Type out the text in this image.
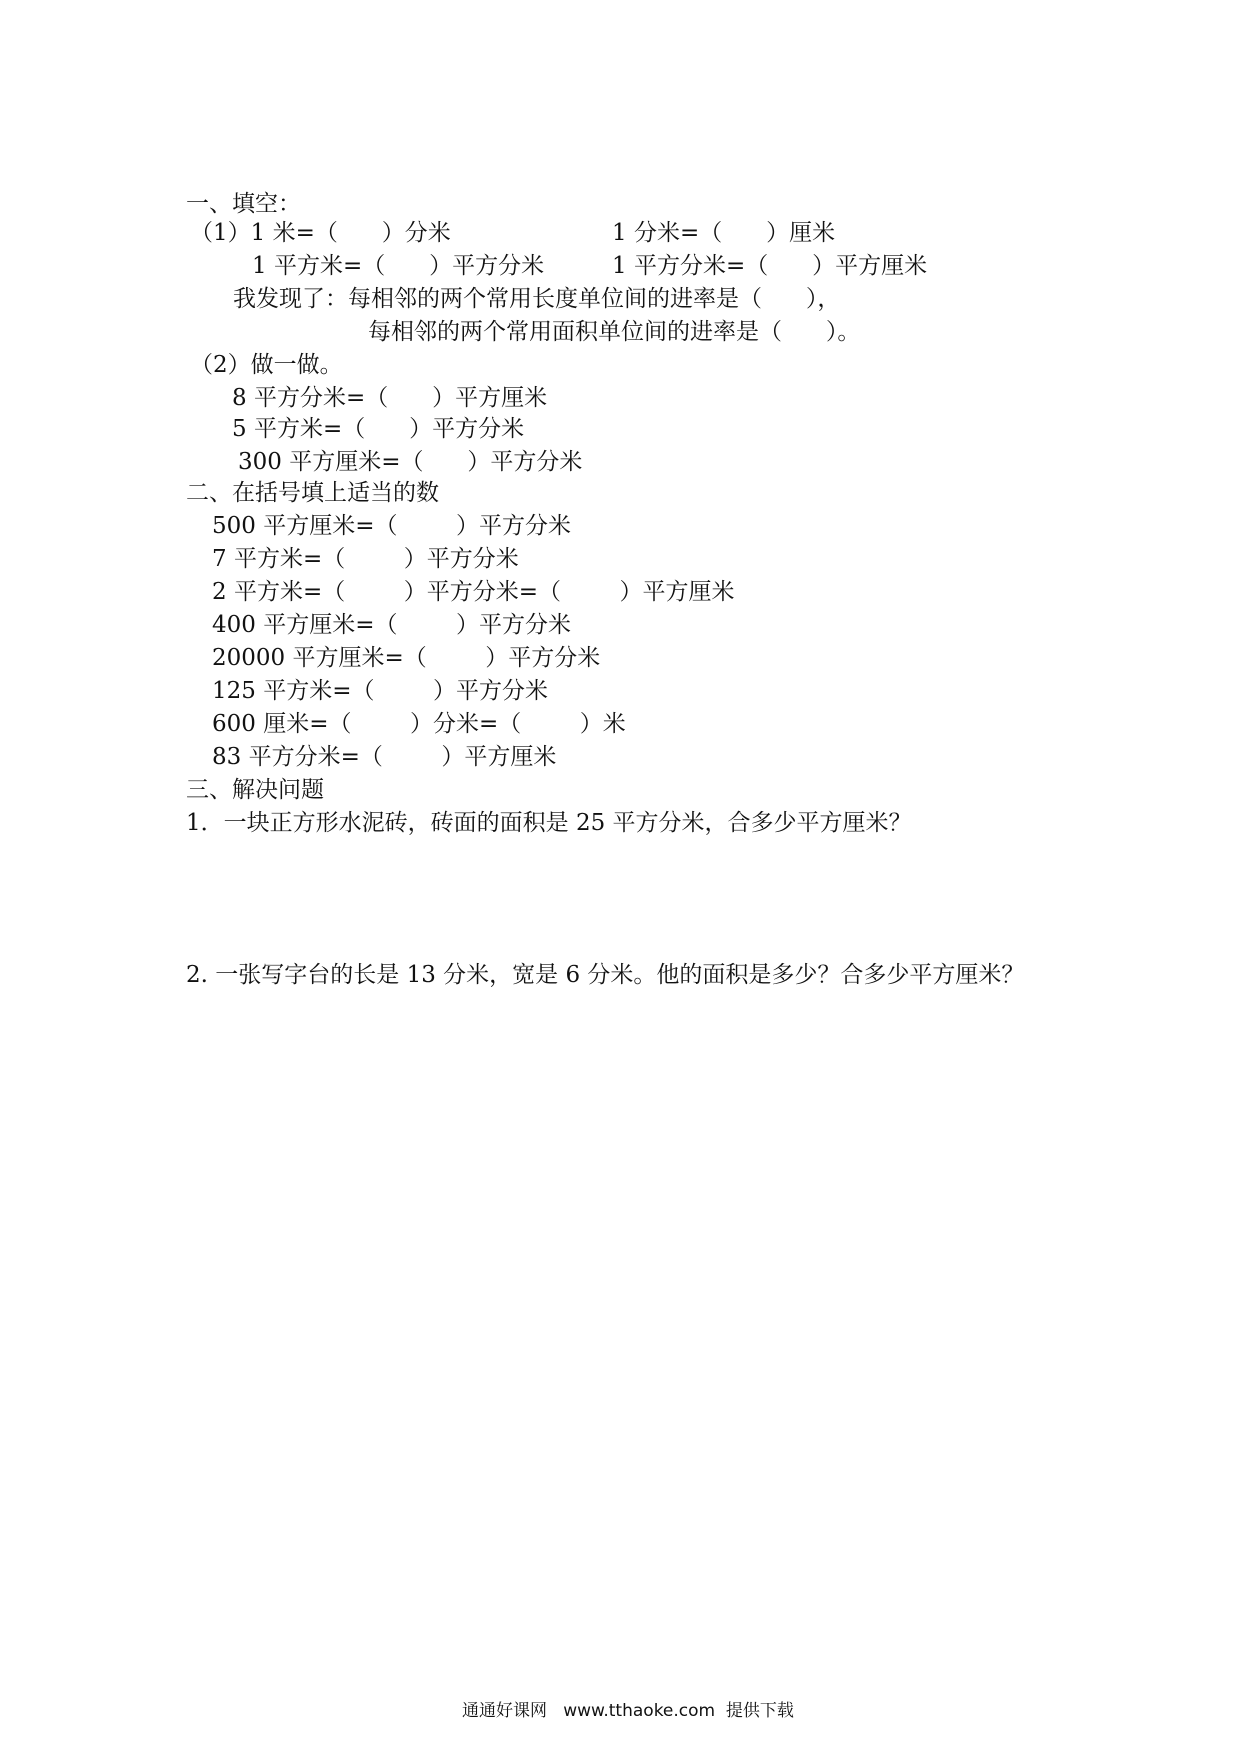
一、填空：
（1）1 米=（      ）分米	1 分米=（      ）厘米
1 平方米=（      ）平方分米	1 平方分米=（      ）平方厘米
我发现了：每相邻的两个常用长度单位间的进率是（      ），
每相邻的两个常用面积单位间的进率是（      ）。
（2）做一做。
8 平方分米=（      ）平方厘米
5 平方米=（      ）平方分米
300 平方厘米=（      ）平方分米
二、在括号填上适当的数
500 平方厘米=（        ）平方分米
7 平方米=（        ）平方分米
2 平方米=（        ）平方分米=（        ）平方厘米
400 平方厘米=（        ）平方分米
20000 平方厘米=（        ）平方分米
125 平方米=（        ）平方分米
600 厘米=（        ）分米=（        ）米
83 平方分米=（        ）平方厘米
三、解决问题
1．一块正方形水泥砖，砖面的面积是 25 平方分米，合多少平方厘米？
2. 一张写字台的长是 13 分米，宽是 6 分米。他的面积是多少？合多少平方厘米？
通通好课网   www.tthaoke.com  提供下载
